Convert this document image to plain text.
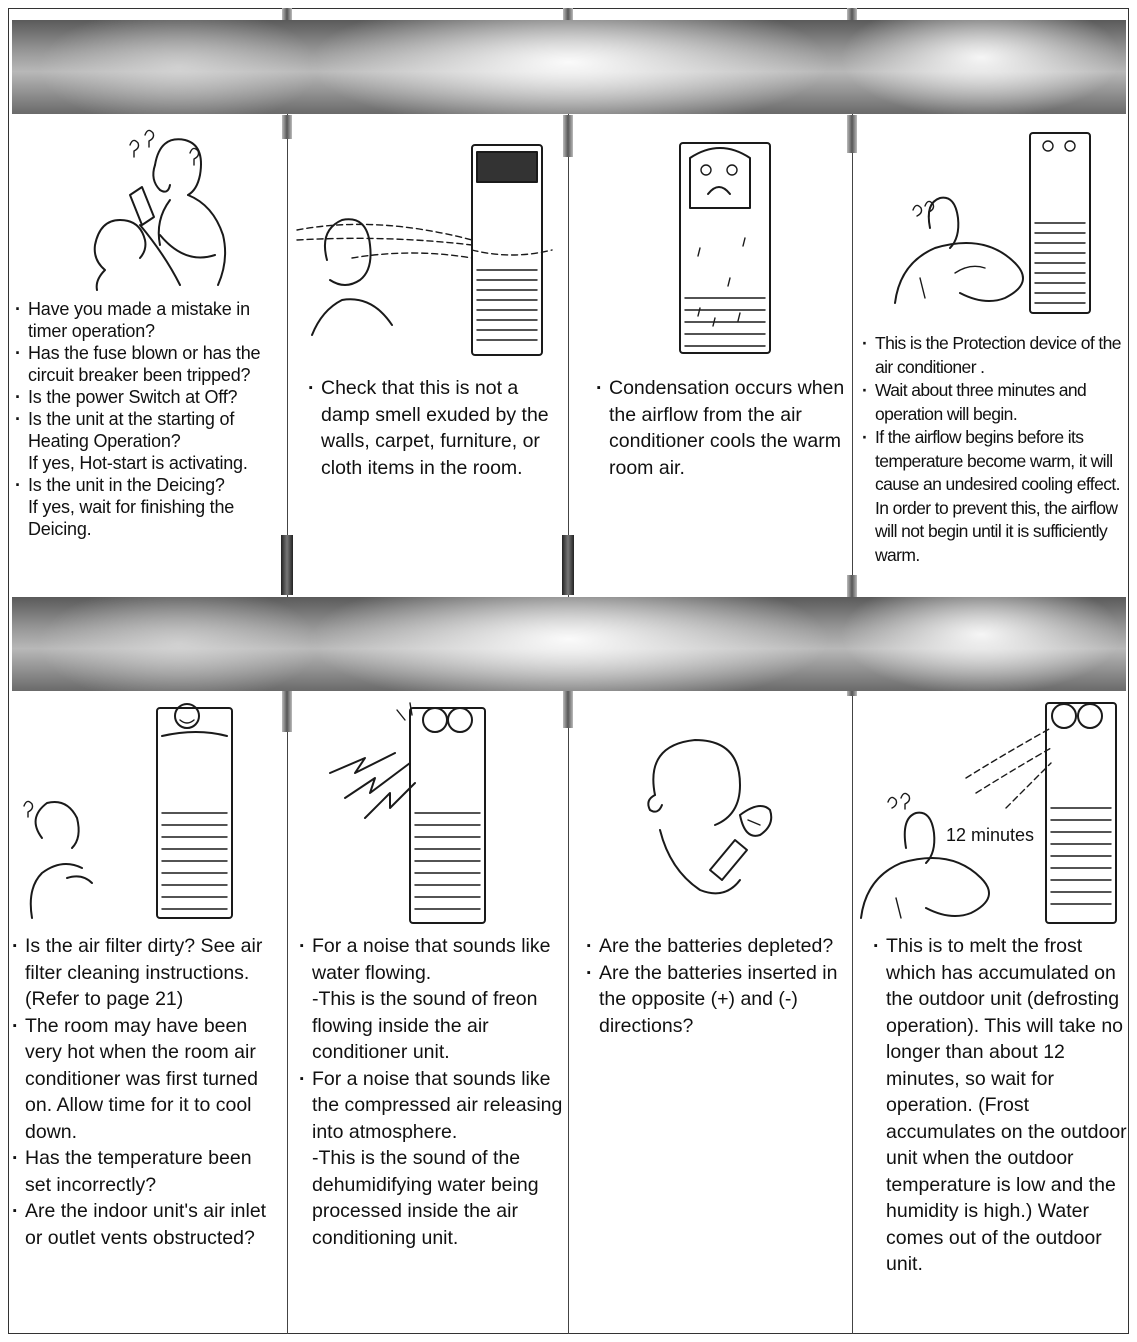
· Have you made a mistake in timer operation?
· Has the fuse blown or has the circuit breaker been tripped?
· Is the power Switch at Off?
· Is the unit at the starting of Heating Operation?
If yes, Hot-start is activating.
· Is the unit in the Deicing?
If yes, wait for finishing the Deicing.
· Check that this is not a damp smell exuded by the walls, carpet, furniture, or cloth items in the room.
· Condensation occurs when the airflow from the air conditioner cools the warm room air.
· This is the Protection device of the air conditioner .
· Wait about three minutes and operation will begin.
· If the airflow begins before its temperature become warm, it will cause an undesired cooling effect. In order to prevent this, the airflow will not begin until it is sufficiently warm.
· Is the air filter dirty? See air filter cleaning instructions. (Refer to page 21)
· The room may have been very hot when the room air conditioner was first turned on. Allow time for it to cool down.
· Has the temperature been set incorrectly?
· Are the indoor unit's air inlet or outlet vents obstructed?
· For a noise that sounds like water flowing.
-This is the sound of freon flowing inside the air conditioner unit.
· For a noise that sounds like the compressed air releasing into atmosphere.
-This is the sound of the dehumidifying water being processed inside the air conditioning unit.
· Are the batteries depleted?
· Are the batteries inserted in the opposite (+) and (-) directions?
12 minutes
· This is to melt the frost which has accumulated on the outdoor unit (defrosting operation). This will take no longer than about 12 minutes, so wait for operation. (Frost accumulates on the outdoor unit when the outdoor temperature is low and the humidity is high.) Water comes out of the outdoor unit.
